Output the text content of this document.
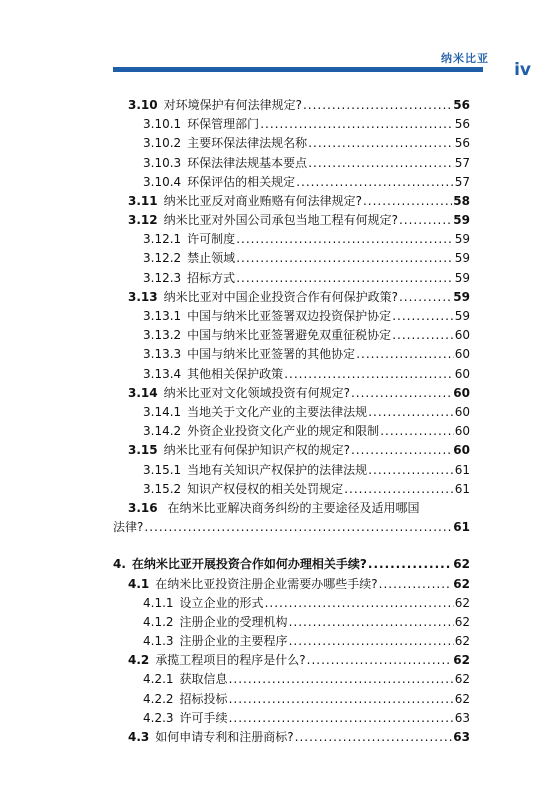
纳米比亚
iv
3.10 对环境保护有何法律规定? .....	56
3.10.1 环保管理部门 .....	56
3.10.2 主要环保法律法规名称 .....	56
3.10.3 环保法律法规基本要点 .....	57
3.10.4 环保评估的相关规定 .....	57
3.11 纳米比亚反对商业贿赂有何法律规定? .....	58
3.12 纳米比亚对外国公司承包当地工程有何规定? .....	59
3.12.1 许可制度 .....	59
3.12.2 禁止领域 .....	59
3.12.3 招标方式 .....	59
3.13 纳米比亚对中国企业投资合作有何保护政策? .....	59
3.13.1 中国与纳米比亚签署双边投资保护协定 .....	59
3.13.2 中国与纳米比亚签署避免双重征税协定 .....	60
3.13.3 中国与纳米比亚签署的其他协定 .....	60
3.13.4 其他相关保护政策 .....	60
3.14 纳米比亚对文化领域投资有何规定? .....	60
3.14.1 当地关于文化产业的主要法律法规 .....	60
3.14.2 外资企业投资文化产业的规定和限制 .....	60
3.15 纳米比亚有何保护知识产权的规定? .....	60
3.15.1 当地有关知识产权保护的法律法规 .....	61
3.15.2 知识产权侵权的相关处罚规定 .....	61
3.16 在纳米比亚解决商务纠纷的主要途径及适用哪国
法律? .....	61
4. 在纳米比亚开展投资合作如何办理相关手续? .....	62
4.1 在纳米比亚投资注册企业需要办哪些手续? .....	62
4.1.1 设立企业的形式 .....	62
4.1.2 注册企业的受理机构 .....	62
4.1.3 注册企业的主要程序 .....	62
4.2 承揽工程项目的程序是什么? .....	62
4.2.1 获取信息 .....	62
4.2.2 招标投标 .....	62
4.2.3 许可手续 .....	63
4.3 如何申请专利和注册商标? .....	63
